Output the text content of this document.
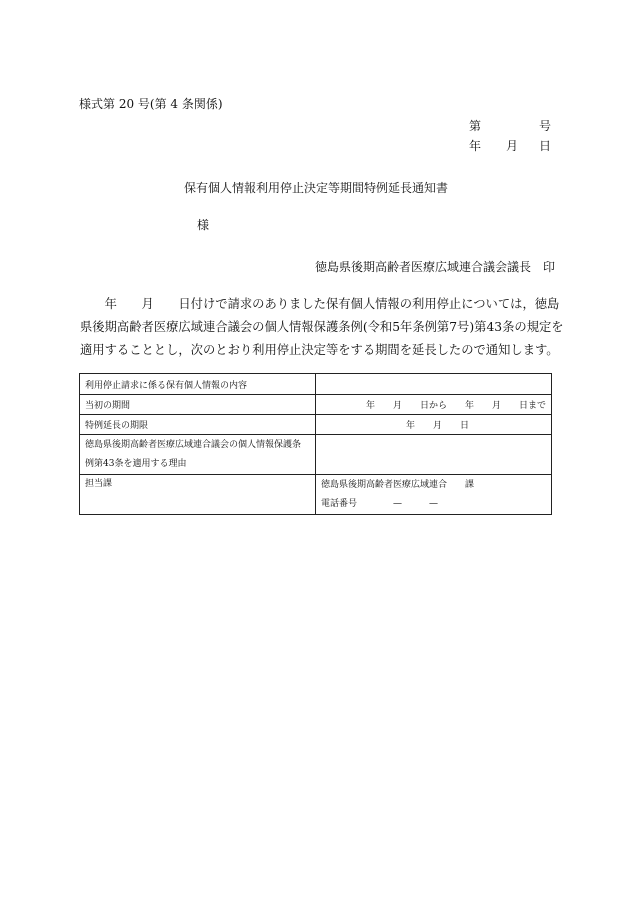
様式第 20 号(第 4 条関係)
第	号
年 月 日
保有個人情報利用停止決定等期間特例延長通知書
様
徳島県後期高齢者医療広域連合議会議長　印
　　年　　月　　日付けで請求のありました保有個人情報の利用停止については，徳島
県後期高齢者医療広域連合議会の個人情報保護条例(令和5年条例第7号)第43条の規定を
適用することとし，次のとおり利用停止決定等をする期間を延長したので通知します。
利用停止請求に係る保有個人情報の内容	
当初の期間	年　　月　　日から　　年　　月　　日まで
特例延長の期限	年　　月　　日

徳島県後期高齢者医療広域連合議会の個人情報保護条
例第43条を適用する理由	

担当課	徳島県後期高齢者医療広域連合　　課
電話番号　　　　—　　　—
